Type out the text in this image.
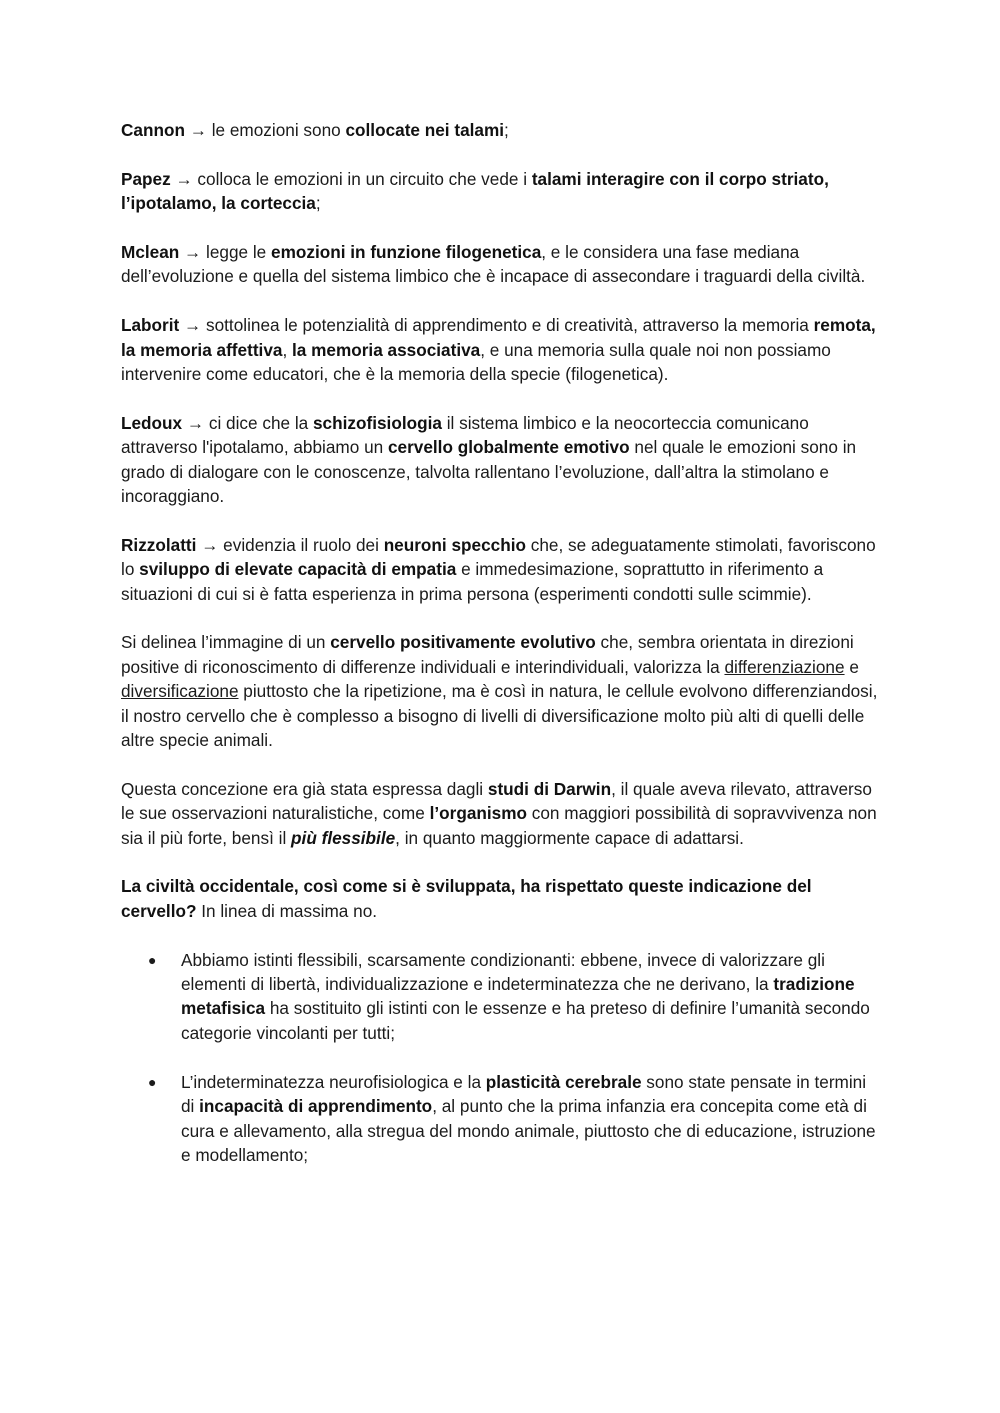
Cannon → le emozioni sono collocate nei talami;

Papez → colloca le emozioni in un circuito che vede i talami interagire con il corpo striato, l’ipotalamo, la corteccia;

Mclean → legge le emozioni in funzione filogenetica, e le considera una fase mediana dell’evoluzione e quella del sistema limbico che è incapace di assecondare i traguardi della civiltà.

Laborit → sottolinea le potenzialità di apprendimento e di creatività, attraverso la memoria remota, la memoria affettiva, la memoria associativa, e una memoria sulla quale noi non possiamo intervenire come educatori, che è la memoria della specie (filogenetica).

Ledoux → ci dice che la schizofisiologia il sistema limbico e la neocorteccia comunicano attraverso l'ipotalamo, abbiamo un cervello globalmente emotivo nel quale le emozioni sono in grado di dialogare con le conoscenze, talvolta rallentano l’evoluzione, dall’altra la stimolano e incoraggiano.

Rizzolatti → evidenzia il ruolo dei neuroni specchio che, se adeguatamente stimolati, favoriscono lo sviluppo di elevate capacità di empatia e immedesimazione, soprattutto in riferimento a situazioni di cui si è fatta esperienza in prima persona (esperimenti condotti sulle scimmie).

Si delinea l’immagine di un cervello positivamente evolutivo che, sembra orientata in direzioni positive di riconoscimento di differenze individuali e interindividuali, valorizza la differenziazione e diversificazione piuttosto che la ripetizione, ma è così in natura, le cellule evolvono differenziandosi, il nostro cervello che è complesso a bisogno di livelli di diversificazione molto più alti di quelli delle altre specie animali.

Questa concezione era già stata espressa dagli studi di Darwin, il quale aveva rilevato, attraverso le sue osservazioni naturalistiche, come l’organismo con maggiori possibilità di sopravvivenza non sia il più forte, bensì il più flessibile, in quanto maggiormente capace di adattarsi.

La civiltà occidentale, così come si è sviluppata, ha rispettato queste indicazione del cervello? In linea di massima no.

● Abbiamo istinti flessibili, scarsamente condizionanti: ebbene, invece di valorizzare gli elementi di libertà, individualizzazione e indeterminatezza che ne derivano, la tradizione metafisica ha sostituito gli istinti con le essenze e ha preteso di definire l’umanità secondo categorie vincolanti per tutti;
● L’indeterminatezza neurofisiologica e la plasticità cerebrale sono state pensate in termini di incapacità di apprendimento, al punto che la prima infanzia era concepita come età di cura e allevamento, alla stregua del mondo animale, piuttosto che di educazione, istruzione e modellamento;
